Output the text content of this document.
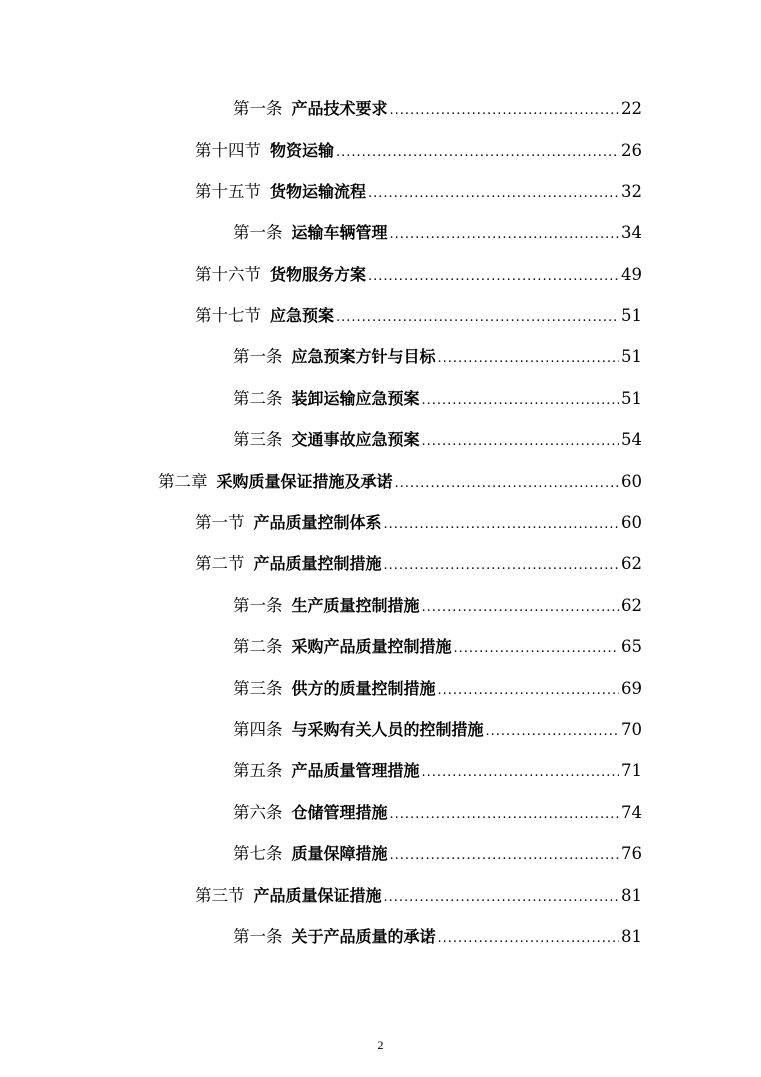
第一条 产品技术要求 .....	22
第十四节 物资运输 .....	26
第十五节 货物运输流程 .....	32
第一条 运输车辆管理 .....	34
第十六节 货物服务方案 .....	49
第十七节 应急预案 .....	51
第一条 应急预案方针与目标 .....	51
第二条 装卸运输应急预案 .....	51
第三条 交通事故应急预案 .....	54
第二章 采购质量保证措施及承诺 .....	60
第一节 产品质量控制体系 .....	60
第二节 产品质量控制措施 .....	62
第一条 生产质量控制措施 .....	62
第二条 采购产品质量控制措施 .....	65
第三条 供方的质量控制措施 .....	69
第四条 与采购有关人员的控制措施 .....	70
第五条 产品质量管理措施 .....	71
第六条 仓储管理措施 .....	74
第七条 质量保障措施 .....	76
第三节 产品质量保证措施 .....	81
第一条 关于产品质量的承诺 .....	81
2
